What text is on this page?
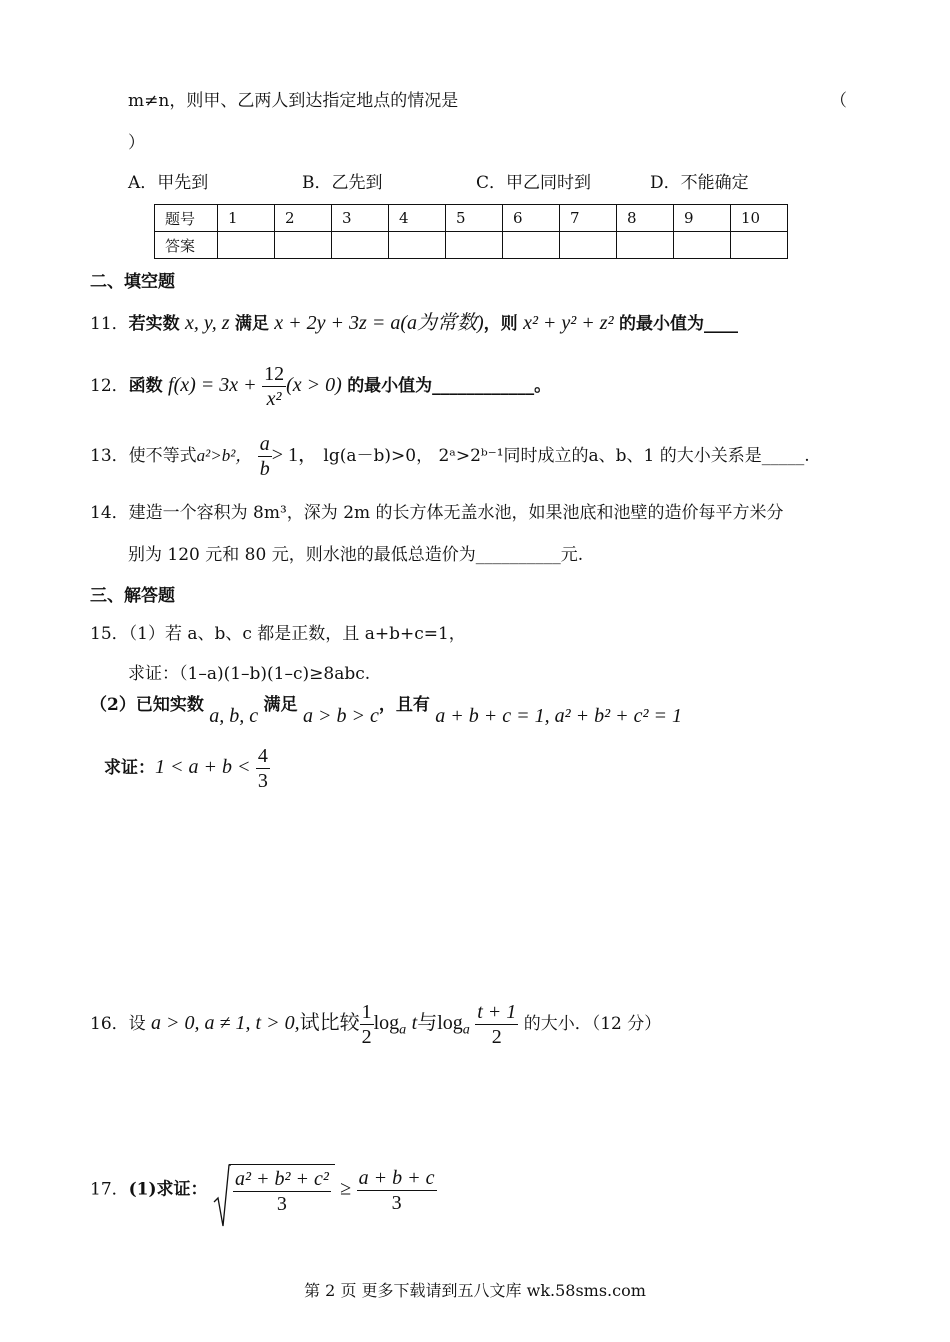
m≠n，则甲、乙两人到达指定地点的情况是	（
）
A．甲先到	B．乙先到	C．甲乙同时到	D．不能确定
题号	1	2	3	4	5	6	7	8	9	10
答案										
二、填空题
11．若实数 x, y, z 满足 x + 2y + 3z = a(a为常数)，则 x² + y² + z² 的最小值为____
12．函数 $f(x) = 3x + \frac{12}{\text{x²}} (x > 0)$ 的最小值为____________。
13．使不等式a²>b²， $\frac{a}{b} > 1$， lg(a－b)>0， 2ᵃ>2ᵇ⁻¹同时成立的a、b、1 的大小关系是_____.
14．建造一个容积为 8m³，深为 2m 的长方体无盖水池，如果池底和池壁的造价每平方米分
别为 120 元和 80 元，则水池的最低总造价为__________元.
三、解答题
15．（1）若 a、b、c 都是正数，且 a+b+c=1，
求证：（1–a)(1–b)(1–c)≥8abc.
（2）已知实数 a, b, c 满足 a > b > c，且有 a + b + c = 1, a² + b² + c² = 1
求证：$1 < a + b < \frac{4}{3}$
16．设 a > 0, a ≠ 1, t > 0,试比较 $\frac{1}{2} \log_a t$与$\log_a \frac{t + 1}{2}$ 的大小．（12 分）
17．(1)求证： $\frac{\text{a² + b² + c²}}{3} \ge \frac{a + b + c}{3}$
第 2 页 更多下载请到五八文库 wk.58sms.com
